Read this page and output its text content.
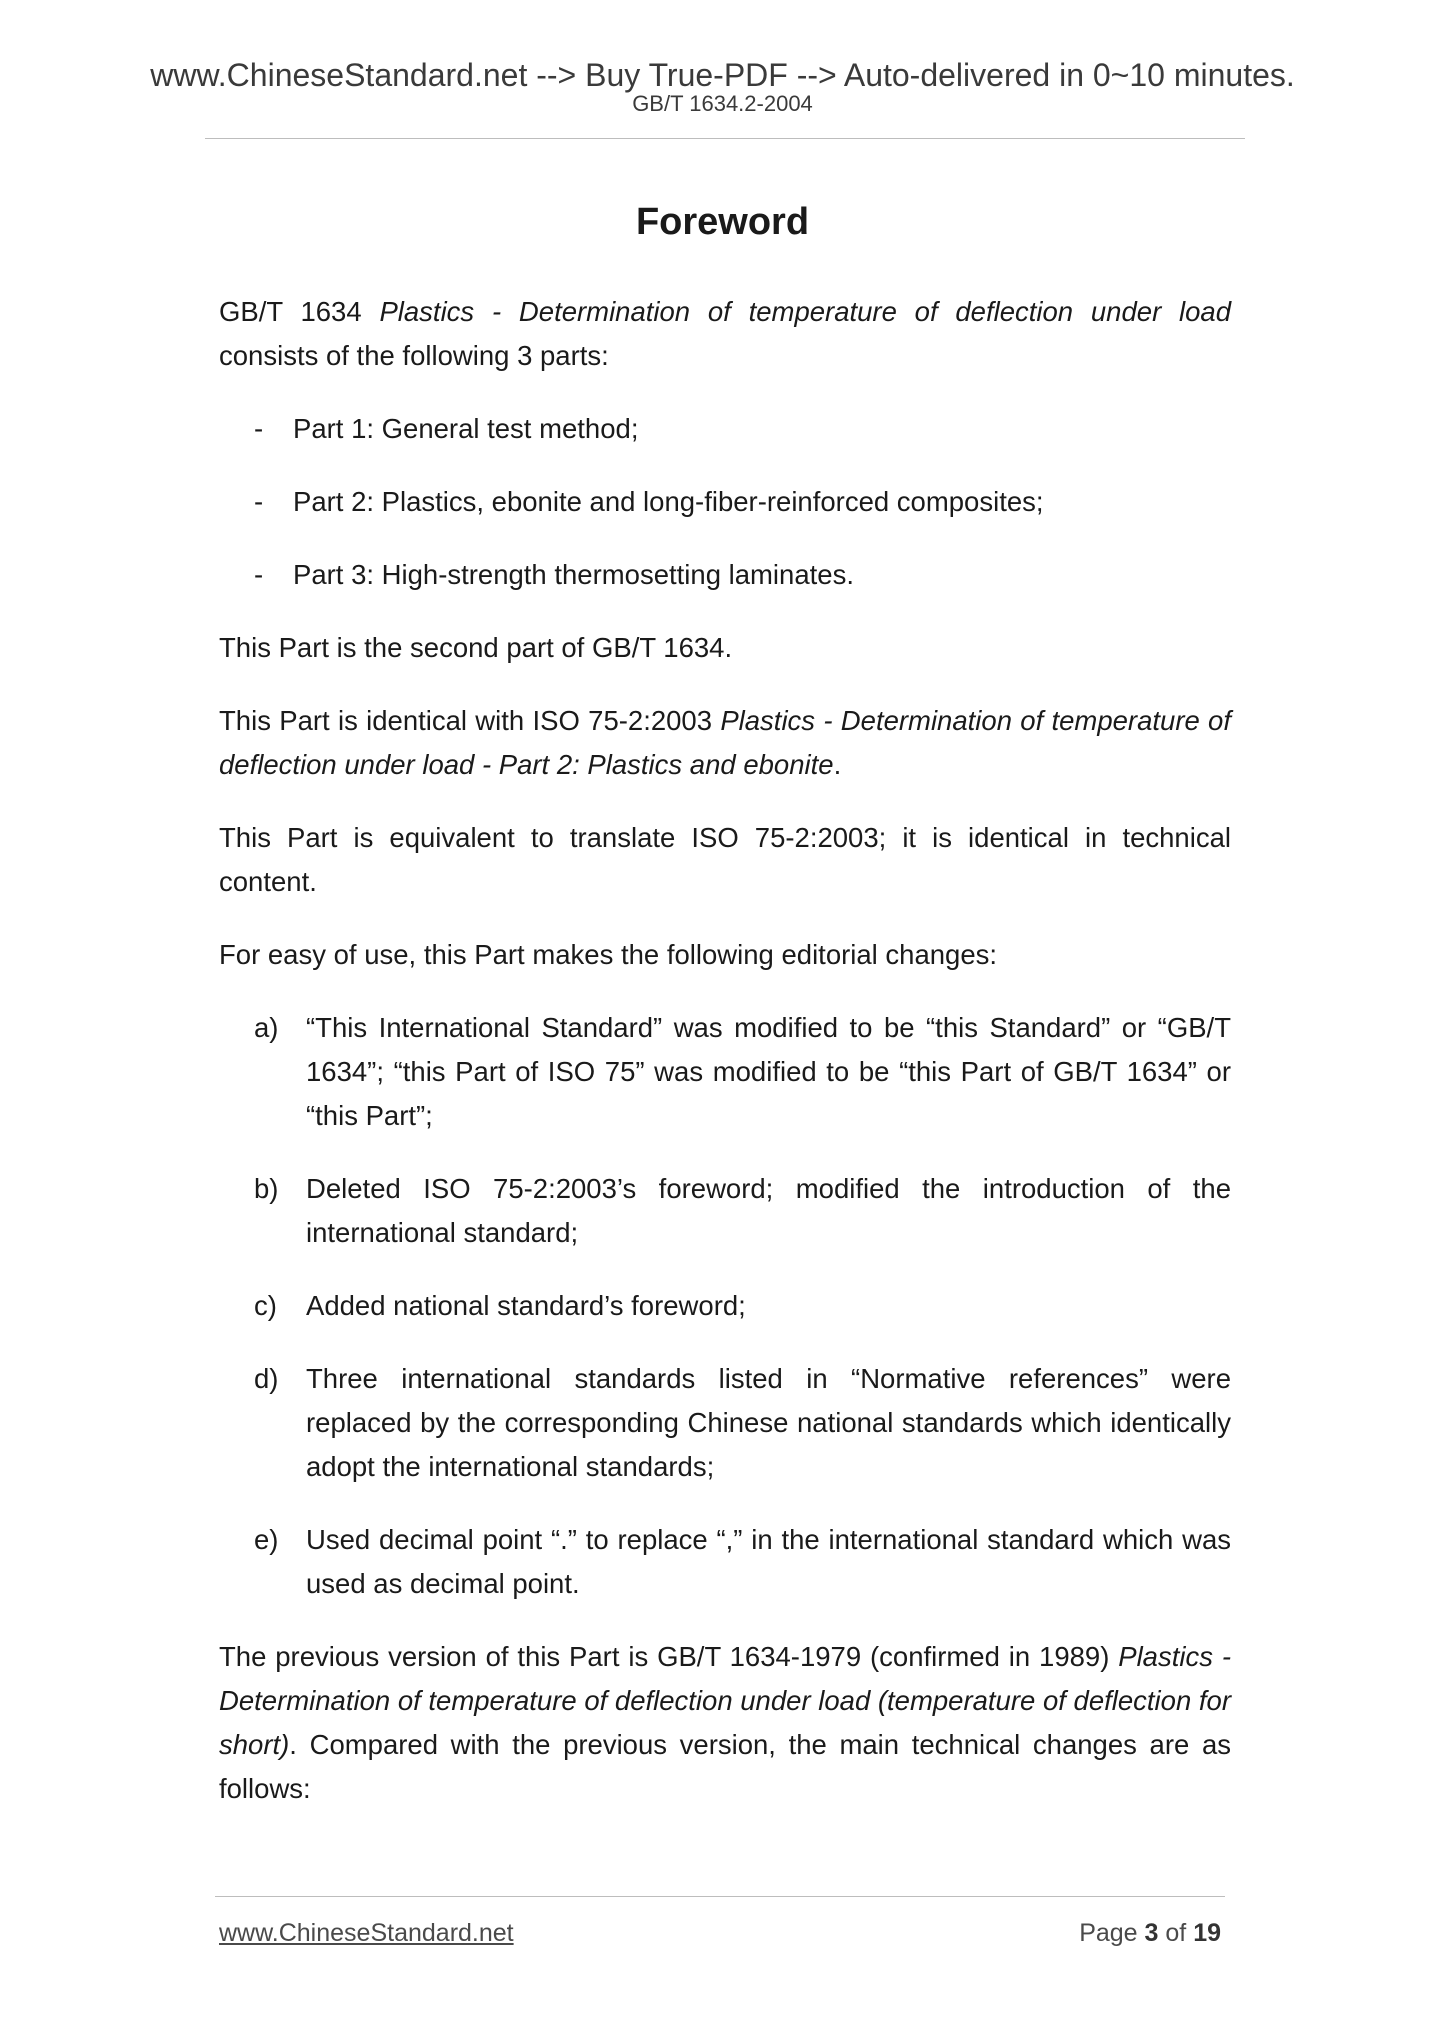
www.ChineseStandard.net --> Buy True-PDF --> Auto-delivered in 0~10 minutes.
GB/T 1634.2-2004
Foreword

GB/T 1634 Plastics - Determination of temperature of deflection under load consists of the following 3 parts:

- Part 1: General test method;
- Part 2: Plastics, ebonite and long-fiber-reinforced composites;
- Part 3: High-strength thermosetting laminates.

This Part is the second part of GB/T 1634.

This Part is identical with ISO 75-2:2003 Plastics - Determination of temperature of deflection under load - Part 2: Plastics and ebonite.

This Part is equivalent to translate ISO 75-2:2003; it is identical in technical content.

For easy of use, this Part makes the following editorial changes:

a) “This International Standard” was modified to be “this Standard” or “GB/T 1634”; “this Part of ISO 75” was modified to be “this Part of GB/T 1634” or “this Part”;
b) Deleted ISO 75-2:2003’s foreword; modified the introduction of the international standard;
c) Added national standard’s foreword;
d) Three international standards listed in “Normative references” were replaced by the corresponding Chinese national standards which identically adopt the international standards;
e) Used decimal point “.” to replace “,” in the international standard which was used as decimal point.

The previous version of this Part is GB/T 1634-1979 (confirmed in 1989) Plastics - Determination of temperature of deflection under load (temperature of deflection for short). Compared with the previous version, the main technical changes are as follows:

www.ChineseStandard.net	Page 3 of 19
